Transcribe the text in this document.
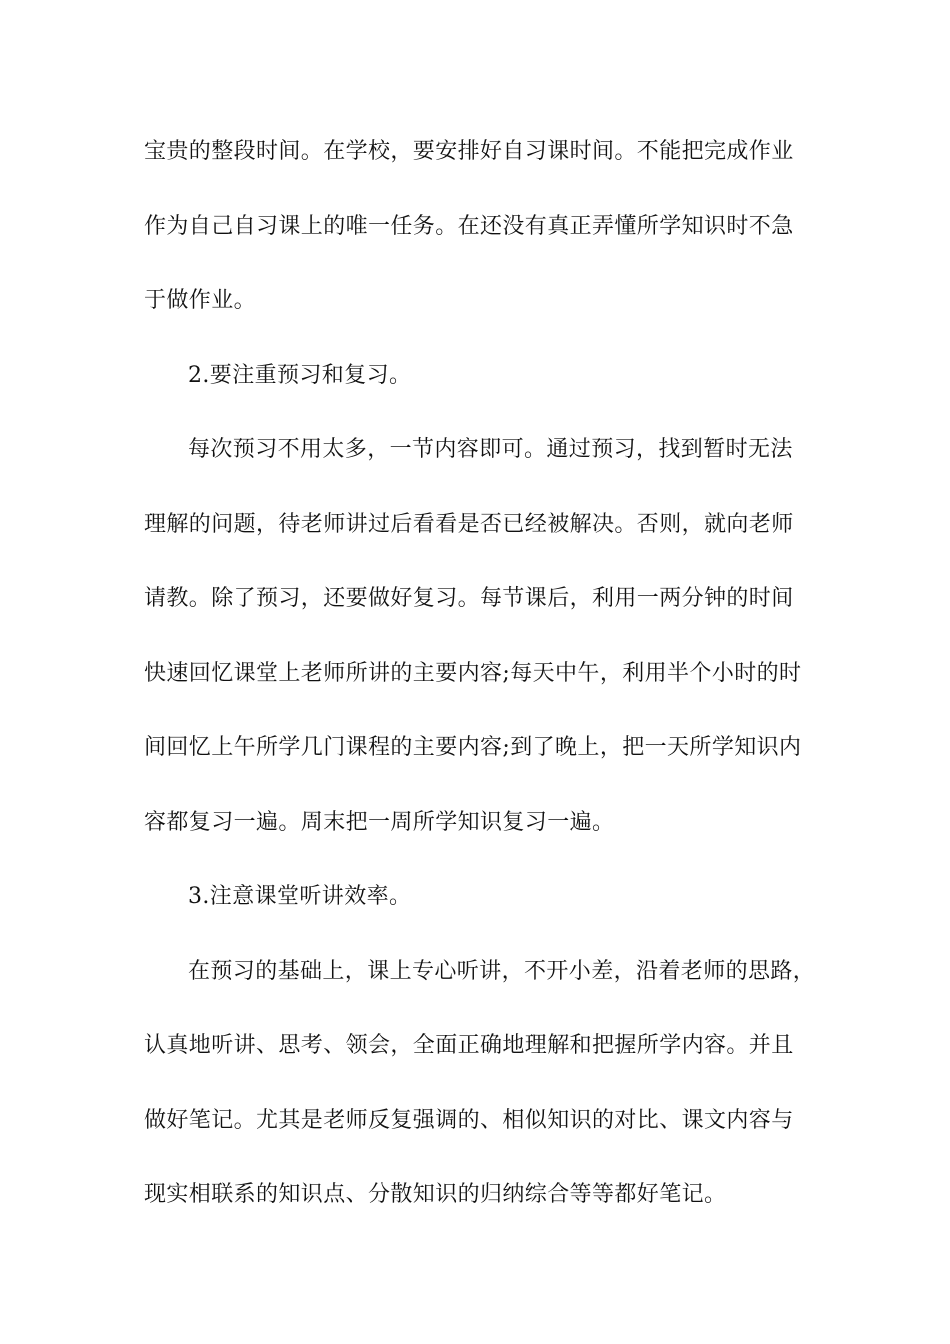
宝贵的整段时间。在学校，要安排好自习课时间。不能把完成作业
作为自己自习课上的唯一任务。在还没有真正弄懂所学知识时不急
于做作业。
2.要注重预习和复习。
每次预习不用太多，一节内容即可。通过预习，找到暂时无法
理解的问题，待老师讲过后看看是否已经被解决。否则，就向老师
请教。除了预习，还要做好复习。每节课后，利用一两分钟的时间
快速回忆课堂上老师所讲的主要内容;每天中午，利用半个小时的时
间回忆上午所学几门课程的主要内容;到了晚上，把一天所学知识内
容都复习一遍。周末把一周所学知识复习一遍。
3.注意课堂听讲效率。
在预习的基础上，课上专心听讲，不开小差，沿着老师的思路，
认真地听讲、思考、领会，全面正确地理解和把握所学内容。并且
做好笔记。尤其是老师反复强调的、相似知识的对比、课文内容与
现实相联系的知识点、分散知识的归纳综合等等都好笔记。
